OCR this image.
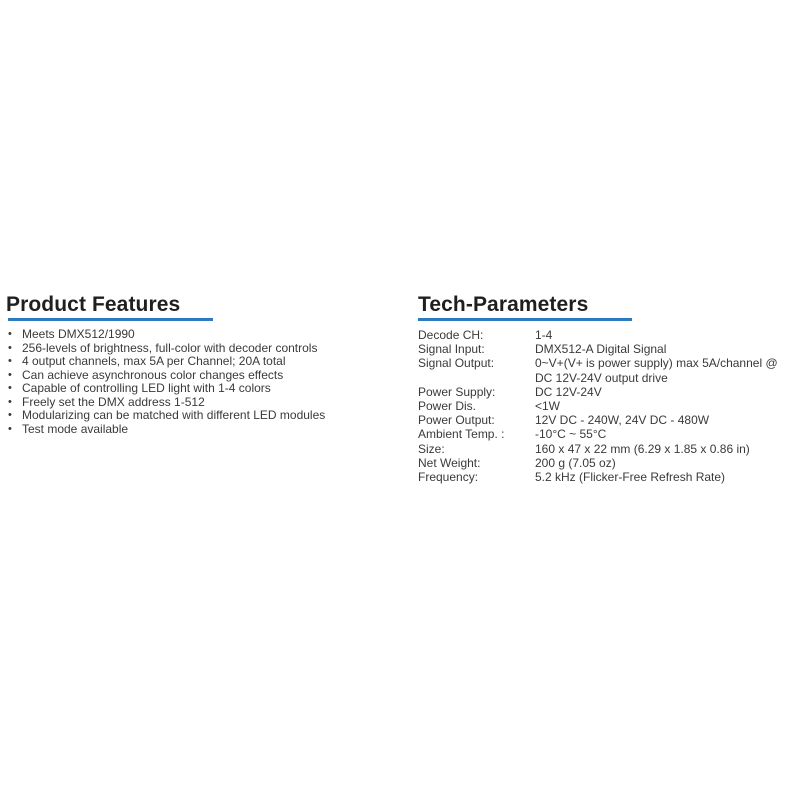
Product Features
• Meets DMX512/1990
• 256-levels of brightness, full-color with decoder controls
• 4 output channels, max 5A per Channel; 20A total
• Can achieve asynchronous color changes effects
• Capable of controlling LED light with 1-4 colors
• Freely set the DMX address 1-512
• Modularizing can be matched with different LED modules
• Test mode available
Tech-Parameters
Decode CH:	1-4
Signal Input:	DMX512-A Digital Signal
Signal Output:	0~V+(V+ is power supply) max 5A/channel @ DC 12V-24V output drive
Power Supply:	DC 12V-24V
Power Dis.	<1W
Power Output:	12V DC - 240W, 24V DC - 480W
Ambient Temp. :	-10°C ~ 55°C
Size:	160 x 47 x 22 mm (6.29 x 1.85 x 0.86 in)
Net Weight:	200 g (7.05 oz)
Frequency:	5.2 kHz (Flicker-Free Refresh Rate)
